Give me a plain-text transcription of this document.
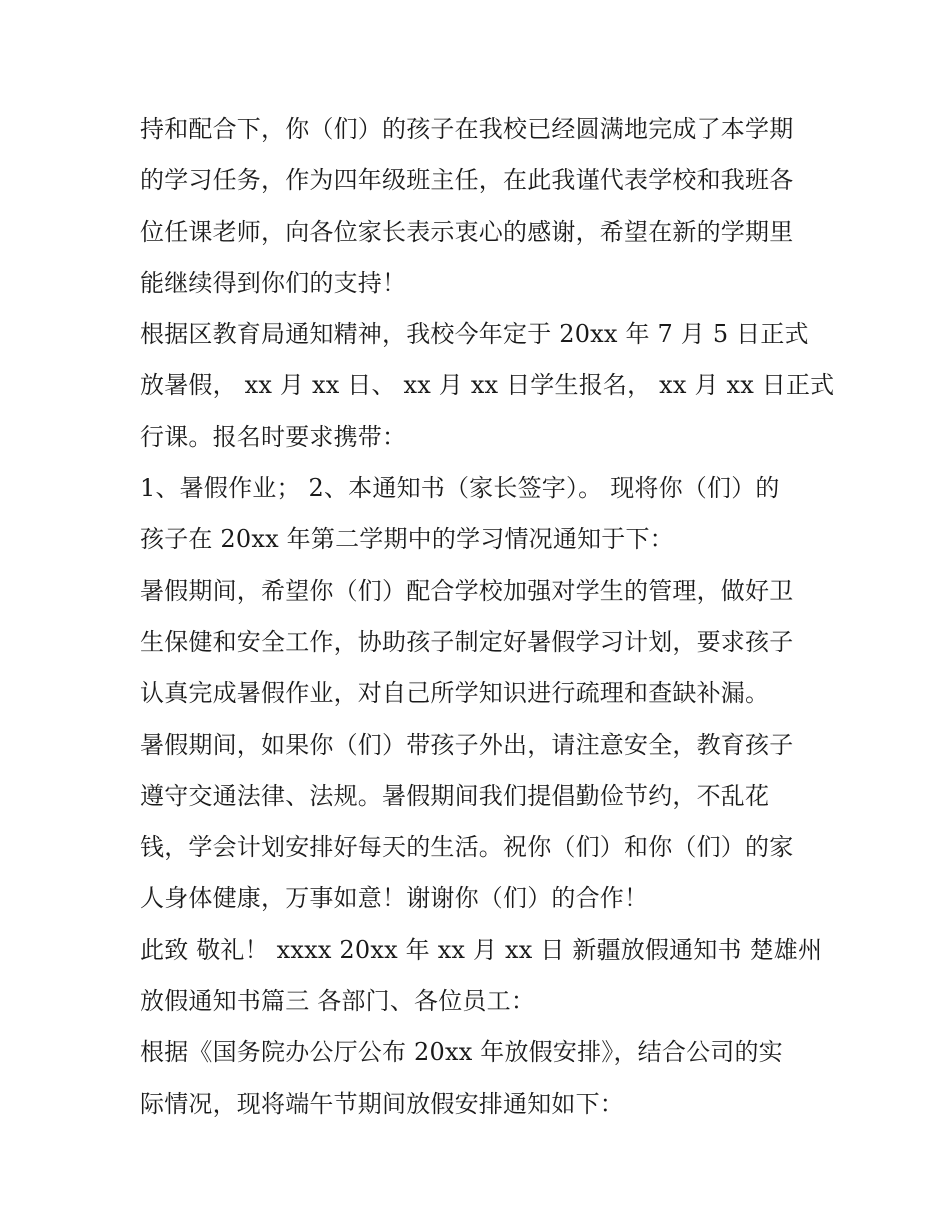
持和配合下，你（们）的孩子在我校已经圆满地完成了本学期
的学习任务，作为四年级班主任，在此我谨代表学校和我班各
位任课老师，向各位家长表示衷心的感谢，希望在新的学期里
能继续得到你们的支持！
根据区教育局通知精神，我校今年定于 20xx 年 7 月 5 日正式
放暑假， xx 月 xx 日、 xx 月 xx 日学生报名， xx 月 xx 日正式
行课。报名时要求携带：
1、暑假作业； 2、本通知书（家长签字）。 现将你（们）的
孩子在 20xx 年第二学期中的学习情况通知于下：
暑假期间，希望你（们）配合学校加强对学生的管理，做好卫
生保健和安全工作，协助孩子制定好暑假学习计划，要求孩子
认真完成暑假作业，对自己所学知识进行疏理和查缺补漏。
暑假期间，如果你（们）带孩子外出，请注意安全，教育孩子
遵守交通法律、法规。暑假期间我们提倡勤俭节约，不乱花
钱，学会计划安排好每天的生活。祝你（们）和你（们）的家
人身体健康，万事如意！谢谢你（们）的合作！
此致 敬礼！ xxxx 20xx 年 xx 月 xx 日 新疆放假通知书 楚雄州
放假通知书篇三 各部门、各位员工：
根据《国务院办公厅公布 20xx 年放假安排》，结合公司的实
际情况，现将端午节期间放假安排通知如下：
